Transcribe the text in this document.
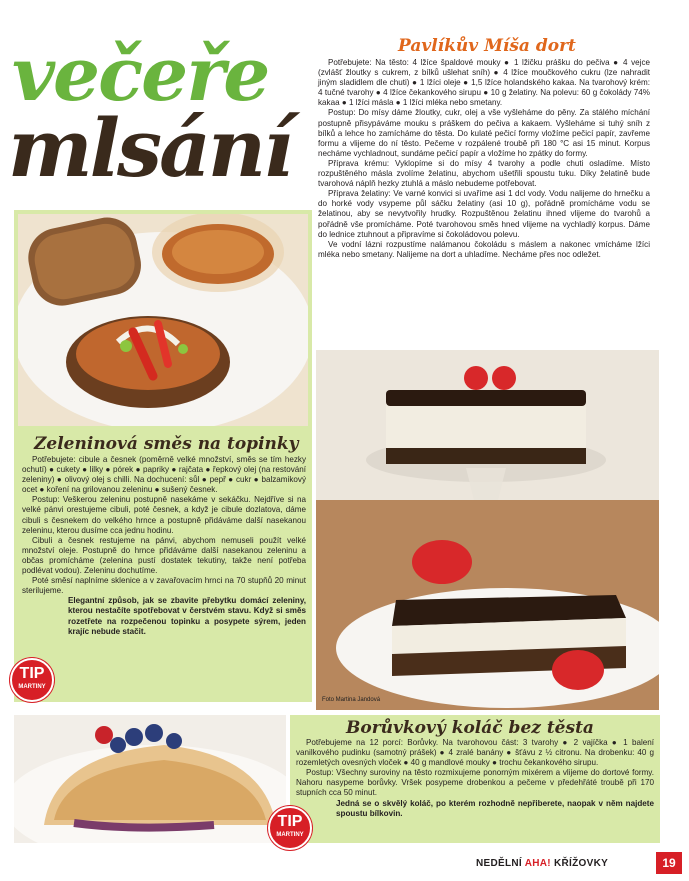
večeře
mlsání
Pavlíkův Míša dort

Potřebujete: Na těsto: 4 lžíce špaldové mouky ● 1 lžičku prášku do pečiva ● 4 vejce (zvlášť žloutky s cukrem, z bílků ušlehat sníh) ● 4 lžíce moučkového cukru (lze nahradit jiným sladidlem dle chuti) ● 1 lžíci oleje ● 1,5 lžíce holandského kakaa. Na tvarohový krém: 4 tučné tvarohy ● 4 lžíce čekankového sirupu ● 10 g želatiny. Na polevu: 60 g čokolády 74% kakaa ● 1 lžíci másla ● 1 lžíci mléka nebo smetany.

Postup: Do mísy dáme žloutky, cukr, olej a vše vyšleháme do pěny. Za stálého míchání postupně přisypáváme mouku s práškem do pečiva a kakaem. Vyšleháme si tuhý sníh z bílků a lehce ho zamícháme do těsta. Do kulaté pečicí formy vložíme pečicí papír, zavřeme formu a vlijeme do ní těsto. Pečeme v rozpálené troubě při 180 °C asi 15 minut. Korpus necháme vychladnout, sundáme pečicí papír a vložíme ho zpátky do formy.

Příprava krému: Vyklopíme si do mísy 4 tvarohy a podle chuti osladíme. Místo rozpuštěného másla zvolíme želatinu, abychom ušetřili spoustu tuku. Díky želatině bude tvarohová náplň hezky ztuhlá a máslo nebudeme potřebovat.

Příprava želatiny: Ve varné konvici si uvaříme asi 1 dcl vody. Vodu nalijeme do hrnečku a do horké vody vsypeme půl sáčku želatiny (asi 10 g), pořádně promícháme vodu se želatinou, aby se nevytvořily hrudky. Rozpuštěnou želatinu ihned vlijeme do tvarohů a pořádně vše promícháme. Poté tvarohovou směs hned vlijeme na vychladlý korpus. Dáme do lednice ztuhnout a připravíme si čokoládovou polevu.

Ve vodní lázni rozpustíme nalámanou čokoládu s máslem a nakonec vmícháme lžíci mléka nebo smetany. Nalijeme na dort a uhladíme. Necháme přes noc odležet.

Zeleninová směs na topinky

Potřebujete: cibule a česnek (poměrně velké množství, směs se tím hezky ochutí) ● cukety ● lilky ● pórek ● papriky ● rajčata ● řepkový olej (na restování zeleniny) ● olivový olej s chilli. Na dochucení: sůl ● pepř ● cukr ● balzamikový ocet ● koření na grilovanou zeleninu ● sušený česnek.

Postup: Veškerou zeleninu postupně nasekáme v sekáčku. Nejdříve si na velké pánvi orestujeme cibuli, poté česnek, a když je cibule dozlatova, dáme cibuli s česnekem do velkého hrnce a postupně přidáváme další nasekanou zeleninu, kterou dusíme cca jednu hodinu.

Cibuli a česnek restujeme na pánvi, abychom nemuseli použít velké množství oleje. Postupně do hrnce přidáváme další nasekanou zeleninu a občas promícháme (zelenina pustí dostatek tekutiny, takže není potřeba podlévat vodou). Zeleninu dochutíme.

Poté směsí naplníme sklenice a v zavařovacím hrnci na 70 stupňů 20 minut sterilujeme.

Elegantní způsob, jak se zbavite přebytku domácí zeleniny, kterou nestačíte spotřebovat v čerstvém stavu. Když si směs rozetřete na rozpečenou topinku a posypete sýrem, jeden krajíc nebude stačit.

TIP
MARTINY
Foto Martina Jandová
Borůvkový koláč bez těsta

Potřebujeme na 12 porcí: Borůvky. Na tvarohovou část: 3 tvarohy ● 2 vajíčka ● 1 balení vanilkového pudinku (samotný prášek) ● 4 zralé banány ● šťávu z ½ citronu. Na drobenku: 40 g rozemletých ovesných vloček ● 40 g mandlové mouky ● trochu čekankového sirupu.

Postup: Všechny suroviny na těsto rozmixujeme ponorným mixérem a vlijeme do dortové formy. Nahoru nasypeme borůvky. Vršek posypeme drobenkou a pečeme v předehřáté troubě při 170 stupních cca 50 minut.

Jedná se o skvělý koláč, po kterém rozhodně nepřiberete, naopak v něm najdete spoustu bílkovin.

TIP
MARTINY
NEDĚLNÍ AHA! KŘÍŽOVKY	19
